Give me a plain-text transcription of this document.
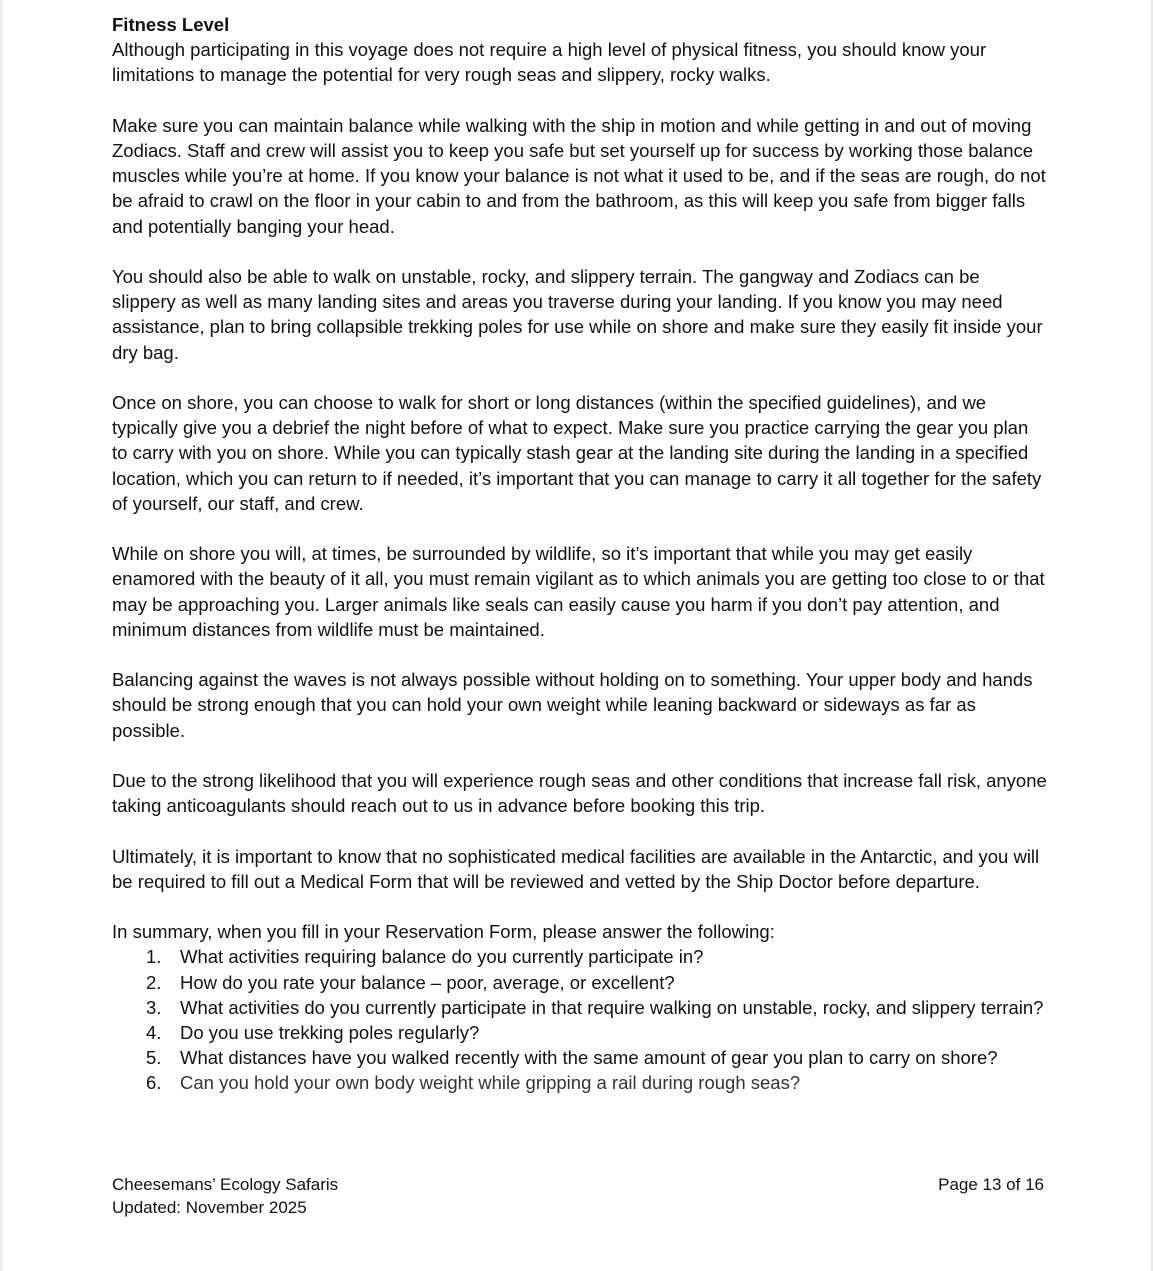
Fitness Level

Although participating in this voyage does not require a high level of physical fitness, you should know your limitations to manage the potential for very rough seas and slippery, rocky walks.

Make sure you can maintain balance while walking with the ship in motion and while getting in and out of moving Zodiacs. Staff and crew will assist you to keep you safe but set yourself up for success by working those balance muscles while you’re at home. If you know your balance is not what it used to be, and if the seas are rough, do not be afraid to crawl on the floor in your cabin to and from the bathroom, as this will keep you safe from bigger falls and potentially banging your head.

You should also be able to walk on unstable, rocky, and slippery terrain. The gangway and Zodiacs can be slippery as well as many landing sites and areas you traverse during your landing. If you know you may need assistance, plan to bring collapsible trekking poles for use while on shore and make sure they easily fit inside your dry bag.

Once on shore, you can choose to walk for short or long distances (within the specified guidelines), and we typically give you a debrief the night before of what to expect. Make sure you practice carrying the gear you plan to carry with you on shore. While you can typically stash gear at the landing site during the landing in a specified location, which you can return to if needed, it’s important that you can manage to carry it all together for the safety of yourself, our staff, and crew.

While on shore you will, at times, be surrounded by wildlife, so it’s important that while you may get easily enamored with the beauty of it all, you must remain vigilant as to which animals you are getting too close to or that may be approaching you. Larger animals like seals can easily cause you harm if you don’t pay attention, and minimum distances from wildlife must be maintained.

Balancing against the waves is not always possible without holding on to something. Your upper body and hands should be strong enough that you can hold your own weight while leaning backward or sideways as far as possible.

Due to the strong likelihood that you will experience rough seas and other conditions that increase fall risk, anyone taking anticoagulants should reach out to us in advance before booking this trip.

Ultimately, it is important to know that no sophisticated medical facilities are available in the Antarctic, and you will be required to fill out a Medical Form that will be reviewed and vetted by the Ship Doctor before departure.

In summary, when you fill in your Reservation Form, please answer the following:

1. What activities requiring balance do you currently participate in?
2. How do you rate your balance – poor, average, or excellent?
3. What activities do you currently participate in that require walking on unstable, rocky, and slippery terrain?
4. Do you use trekking poles regularly?
5. What distances have you walked recently with the same amount of gear you plan to carry on shore?
6. Can you hold your own body weight while gripping a rail during rough seas?
Cheesemans’ Ecology Safaris
Updated: November 2025
Page 13 of 16
